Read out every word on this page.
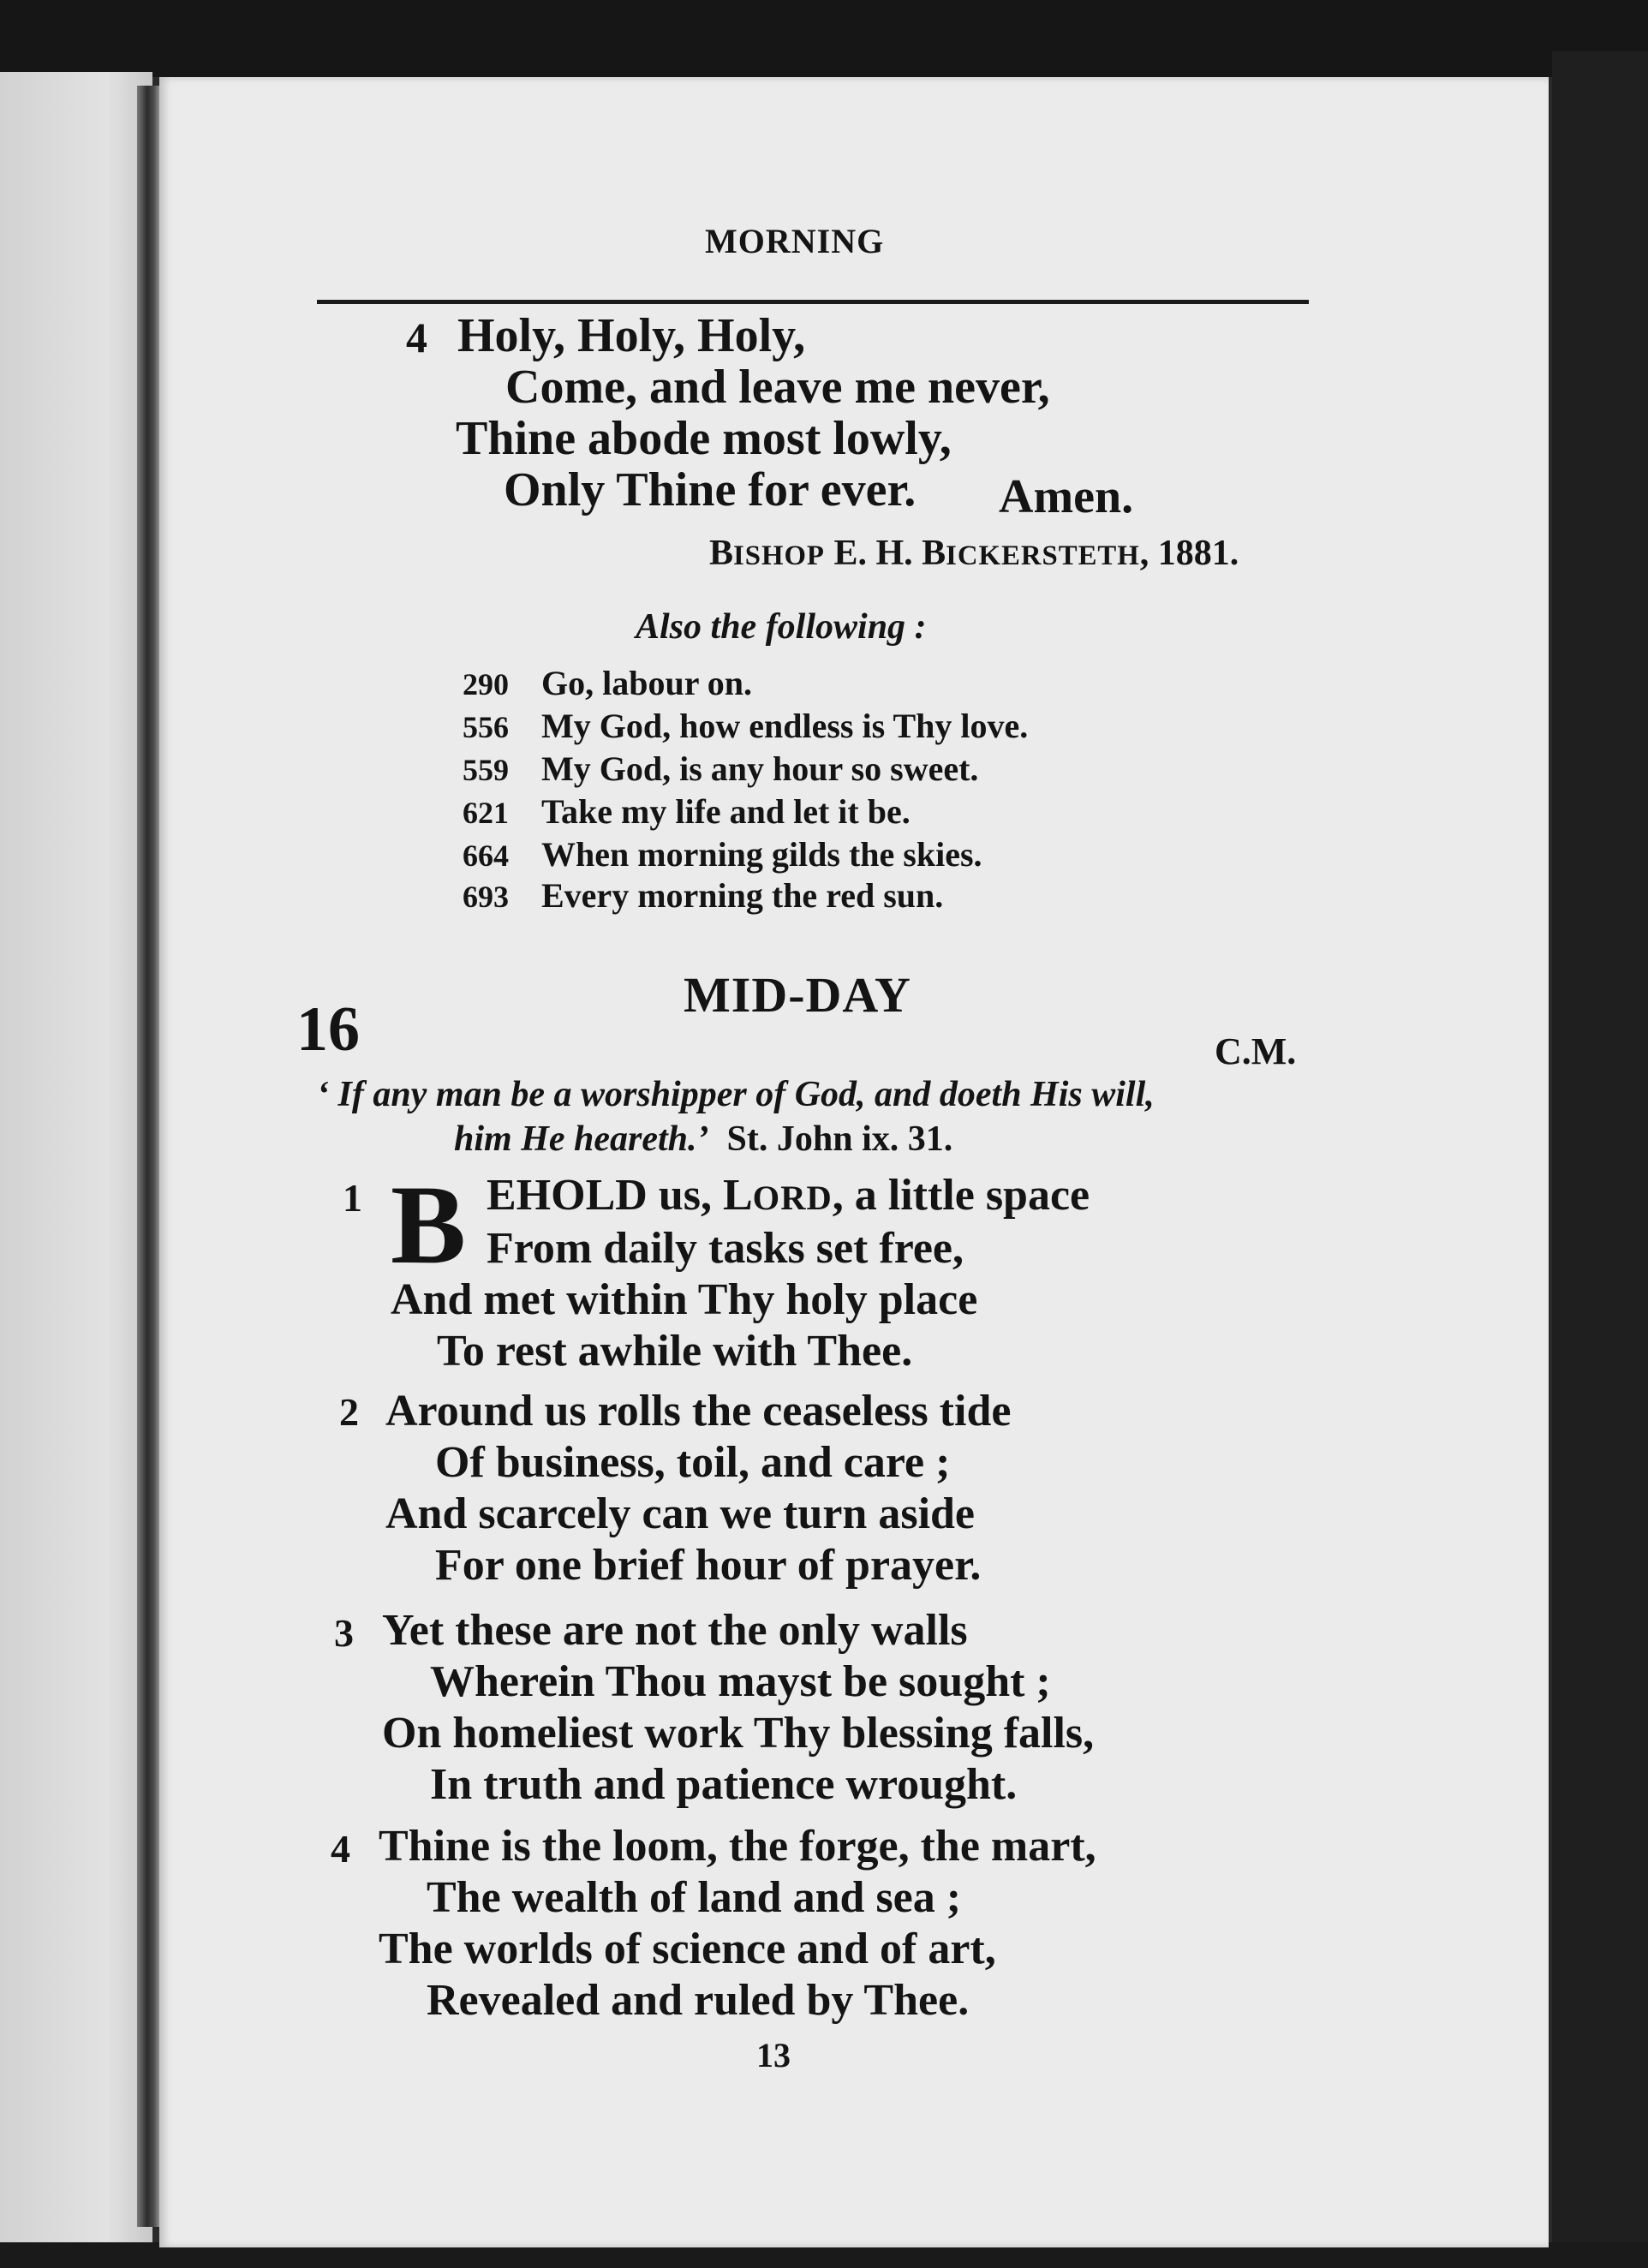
MORNING
4 Holy, Holy, Holy,
Come, and leave me never,
Thine abode most lowly,
Only Thine for ever. Amen.
BISHOP E. H. BICKERSTETH, 1881.
Also the following :
290 Go, labour on.
556 My God, how endless is Thy love.
559 My God, is any hour so sweet.
621 Take my life and let it be.
664 When morning gilds the skies.
693 Every morning the red sun.
MID-DAY
16	C.M.
‘ If any man be a worshipper of God, and doeth His will,
him He heareth.’ St. John ix. 31.
1 B EHOLD us, LORD, a little space
From daily tasks set free,
And met within Thy holy place
To rest awhile with Thee.
2 Around us rolls the ceaseless tide
Of business, toil, and care ;
And scarcely can we turn aside
For one brief hour of prayer.
3 Yet these are not the only walls
Wherein Thou mayst be sought ;
On homeliest work Thy blessing falls,
In truth and patience wrought.
4 Thine is the loom, the forge, the mart,
The wealth of land and sea ;
The worlds of science and of art,
Revealed and ruled by Thee.
13
